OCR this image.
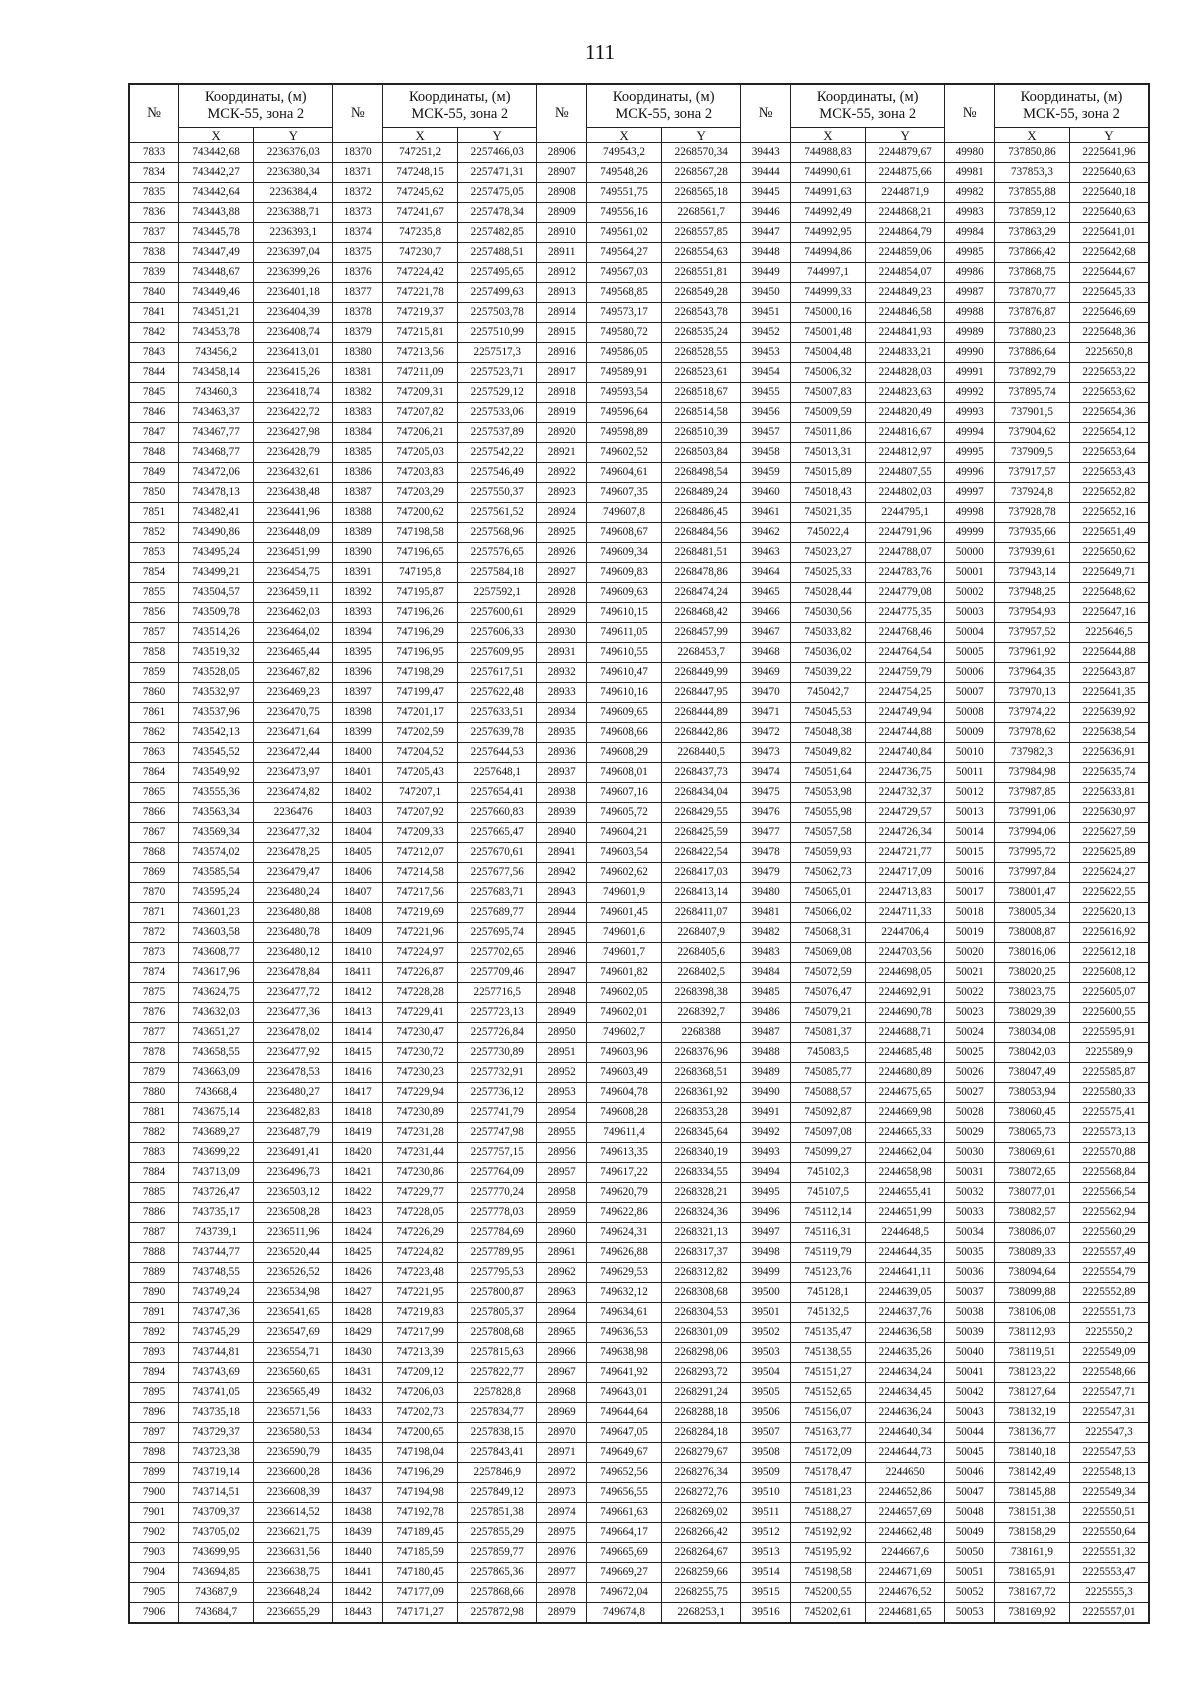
111
№	Координаты, (м)
МСК-55, зона 2		№	Координаты, (м)
МСК-55, зона 2		№	Координаты, (м)
МСК-55, зона 2		№	Координаты, (м)
МСК-55, зона 2		№	Координаты, (м)
МСК-55, зона 2	

	X	Y		X	Y		X	Y		X	Y		X	Y
7833	743442,68	2236376,03	18370	747251,2	2257466,03	28906	749543,2	2268570,34	39443	744988,83	2244879,67	49980	737850,86	2225641,96
7834	743442,27	2236380,34	18371	747248,15	2257471,31	28907	749548,26	2268567,28	39444	744990,61	2244875,66	49981	737853,3	2225640,63
7835	743442,64	2236384,4	18372	747245,62	2257475,05	28908	749551,75	2268565,18	39445	744991,63	2244871,9	49982	737855,88	2225640,18
7836	743443,88	2236388,71	18373	747241,67	2257478,34	28909	749556,16	2268561,7	39446	744992,49	2244868,21	49983	737859,12	2225640,63
7837	743445,78	2236393,1	18374	747235,8	2257482,85	28910	749561,02	2268557,85	39447	744992,95	2244864,79	49984	737863,29	2225641,01
7838	743447,49	2236397,04	18375	747230,7	2257488,51	28911	749564,27	2268554,63	39448	744994,86	2244859,06	49985	737866,42	2225642,68
7839	743448,67	2236399,26	18376	747224,42	2257495,65	28912	749567,03	2268551,81	39449	744997,1	2244854,07	49986	737868,75	2225644,67
7840	743449,46	2236401,18	18377	747221,78	2257499,63	28913	749568,85	2268549,28	39450	744999,33	2244849,23	49987	737870,77	2225645,33
7841	743451,21	2236404,39	18378	747219,37	2257503,78	28914	749573,17	2268543,78	39451	745000,16	2244846,58	49988	737876,87	2225646,69
7842	743453,78	2236408,74	18379	747215,81	2257510,99	28915	749580,72	2268535,24	39452	745001,48	2244841,93	49989	737880,23	2225648,36
7843	743456,2	2236413,01	18380	747213,56	2257517,3	28916	749586,05	2268528,55	39453	745004,48	2244833,21	49990	737886,64	2225650,8
7844	743458,14	2236415,26	18381	747211,09	2257523,71	28917	749589,91	2268523,61	39454	745006,32	2244828,03	49991	737892,79	2225653,22
7845	743460,3	2236418,74	18382	747209,31	2257529,12	28918	749593,54	2268518,67	39455	745007,83	2244823,63	49992	737895,74	2225653,62
7846	743463,37	2236422,72	18383	747207,82	2257533,06	28919	749596,64	2268514,58	39456	745009,59	2244820,49	49993	737901,5	2225654,36
7847	743467,77	2236427,98	18384	747206,21	2257537,89	28920	749598,89	2268510,39	39457	745011,86	2244816,67	49994	737904,62	2225654,12
7848	743468,77	2236428,79	18385	747205,03	2257542,22	28921	749602,52	2268503,84	39458	745013,31	2244812,97	49995	737909,5	2225653,64
7849	743472,06	2236432,61	18386	747203,83	2257546,49	28922	749604,61	2268498,54	39459	745015,89	2244807,55	49996	737917,57	2225653,43
7850	743478,13	2236438,48	18387	747203,29	2257550,37	28923	749607,35	2268489,24	39460	745018,43	2244802,03	49997	737924,8	2225652,82
7851	743482,41	2236441,96	18388	747200,62	2257561,52	28924	749607,8	2268486,45	39461	745021,35	2244795,1	49998	737928,78	2225652,16
7852	743490,86	2236448,09	18389	747198,58	2257568,96	28925	749608,67	2268484,56	39462	745022,4	2244791,96	49999	737935,66	2225651,49
7853	743495,24	2236451,99	18390	747196,65	2257576,65	28926	749609,34	2268481,51	39463	745023,27	2244788,07	50000	737939,61	2225650,62
7854	743499,21	2236454,75	18391	747195,8	2257584,18	28927	749609,83	2268478,86	39464	745025,33	2244783,76	50001	737943,14	2225649,71
7855	743504,57	2236459,11	18392	747195,87	2257592,1	28928	749609,63	2268474,24	39465	745028,44	2244779,08	50002	737948,25	2225648,62
7856	743509,78	2236462,03	18393	747196,26	2257600,61	28929	749610,15	2268468,42	39466	745030,56	2244775,35	50003	737954,93	2225647,16
7857	743514,26	2236464,02	18394	747196,29	2257606,33	28930	749611,05	2268457,99	39467	745033,82	2244768,46	50004	737957,52	2225646,5
7858	743519,32	2236465,44	18395	747196,95	2257609,95	28931	749610,55	2268453,7	39468	745036,02	2244764,54	50005	737961,92	2225644,88
7859	743528,05	2236467,82	18396	747198,29	2257617,51	28932	749610,47	2268449,99	39469	745039,22	2244759,79	50006	737964,35	2225643,87
7860	743532,97	2236469,23	18397	747199,47	2257622,48	28933	749610,16	2268447,95	39470	745042,7	2244754,25	50007	737970,13	2225641,35
7861	743537,96	2236470,75	18398	747201,17	2257633,51	28934	749609,65	2268444,89	39471	745045,53	2244749,94	50008	737974,22	2225639,92
7862	743542,13	2236471,64	18399	747202,59	2257639,78	28935	749608,66	2268442,86	39472	745048,38	2244744,88	50009	737978,62	2225638,54
7863	743545,52	2236472,44	18400	747204,52	2257644,53	28936	749608,29	2268440,5	39473	745049,82	2244740,84	50010	737982,3	2225636,91
7864	743549,92	2236473,97	18401	747205,43	2257648,1	28937	749608,01	2268437,73	39474	745051,64	2244736,75	50011	737984,98	2225635,74
7865	743555,36	2236474,82	18402	747207,1	2257654,41	28938	749607,16	2268434,04	39475	745053,98	2244732,37	50012	737987,85	2225633,81
7866	743563,34	2236476	18403	747207,92	2257660,83	28939	749605,72	2268429,55	39476	745055,98	2244729,57	50013	737991,06	2225630,97
7867	743569,34	2236477,32	18404	747209,33	2257665,47	28940	749604,21	2268425,59	39477	745057,58	2244726,34	50014	737994,06	2225627,59
7868	743574,02	2236478,25	18405	747212,07	2257670,61	28941	749603,54	2268422,54	39478	745059,93	2244721,77	50015	737995,72	2225625,89
7869	743585,54	2236479,47	18406	747214,58	2257677,56	28942	749602,62	2268417,03	39479	745062,73	2244717,09	50016	737997,84	2225624,27
7870	743595,24	2236480,24	18407	747217,56	2257683,71	28943	749601,9	2268413,14	39480	745065,01	2244713,83	50017	738001,47	2225622,55
7871	743601,23	2236480,88	18408	747219,69	2257689,77	28944	749601,45	2268411,07	39481	745066,02	2244711,33	50018	738005,34	2225620,13
7872	743603,58	2236480,78	18409	747221,96	2257695,74	28945	749601,6	2268407,9	39482	745068,31	2244706,4	50019	738008,87	2225616,92
7873	743608,77	2236480,12	18410	747224,97	2257702,65	28946	749601,7	2268405,6	39483	745069,08	2244703,56	50020	738016,06	2225612,18
7874	743617,96	2236478,84	18411	747226,87	2257709,46	28947	749601,82	2268402,5	39484	745072,59	2244698,05	50021	738020,25	2225608,12
7875	743624,75	2236477,72	18412	747228,28	2257716,5	28948	749602,05	2268398,38	39485	745076,47	2244692,91	50022	738023,75	2225605,07
7876	743632,03	2236477,36	18413	747229,41	2257723,13	28949	749602,01	2268392,7	39486	745079,21	2244690,78	50023	738029,39	2225600,55
7877	743651,27	2236478,02	18414	747230,47	2257726,84	28950	749602,7	2268388	39487	745081,37	2244688,71	50024	738034,08	2225595,91
7878	743658,55	2236477,92	18415	747230,72	2257730,89	28951	749603,96	2268376,96	39488	745083,5	2244685,48	50025	738042,03	2225589,9
7879	743663,09	2236478,53	18416	747230,23	2257732,91	28952	749603,49	2268368,51	39489	745085,77	2244680,89	50026	738047,49	2225585,87
7880	743668,4	2236480,27	18417	747229,94	2257736,12	28953	749604,78	2268361,92	39490	745088,57	2244675,65	50027	738053,94	2225580,33
7881	743675,14	2236482,83	18418	747230,89	2257741,79	28954	749608,28	2268353,28	39491	745092,87	2244669,98	50028	738060,45	2225575,41
7882	743689,27	2236487,79	18419	747231,28	2257747,98	28955	749611,4	2268345,64	39492	745097,08	2244665,33	50029	738065,73	2225573,13
7883	743699,22	2236491,41	18420	747231,44	2257757,15	28956	749613,35	2268340,19	39493	745099,27	2244662,04	50030	738069,61	2225570,88
7884	743713,09	2236496,73	18421	747230,86	2257764,09	28957	749617,22	2268334,55	39494	745102,3	2244658,98	50031	738072,65	2225568,84
7885	743726,47	2236503,12	18422	747229,77	2257770,24	28958	749620,79	2268328,21	39495	745107,5	2244655,41	50032	738077,01	2225566,54
7886	743735,17	2236508,28	18423	747228,05	2257778,03	28959	749622,86	2268324,36	39496	745112,14	2244651,99	50033	738082,57	2225562,94
7887	743739,1	2236511,96	18424	747226,29	2257784,69	28960	749624,31	2268321,13	39497	745116,31	2244648,5	50034	738086,07	2225560,29
7888	743744,77	2236520,44	18425	747224,82	2257789,95	28961	749626,88	2268317,37	39498	745119,79	2244644,35	50035	738089,33	2225557,49
7889	743748,55	2236526,52	18426	747223,48	2257795,53	28962	749629,53	2268312,82	39499	745123,76	2244641,11	50036	738094,64	2225554,79
7890	743749,24	2236534,98	18427	747221,95	2257800,87	28963	749632,12	2268308,68	39500	745128,1	2244639,05	50037	738099,88	2225552,89
7891	743747,36	2236541,65	18428	747219,83	2257805,37	28964	749634,61	2268304,53	39501	745132,5	2244637,76	50038	738106,08	2225551,73
7892	743745,29	2236547,69	18429	747217,99	2257808,68	28965	749636,53	2268301,09	39502	745135,47	2244636,58	50039	738112,93	2225550,2
7893	743744,81	2236554,71	18430	747213,39	2257815,63	28966	749638,98	2268298,06	39503	745138,55	2244635,26	50040	738119,51	2225549,09
7894	743743,69	2236560,65	18431	747209,12	2257822,77	28967	749641,92	2268293,72	39504	745151,27	2244634,24	50041	738123,22	2225548,66
7895	743741,05	2236565,49	18432	747206,03	2257828,8	28968	749643,01	2268291,24	39505	745152,65	2244634,45	50042	738127,64	2225547,71
7896	743735,18	2236571,56	18433	747202,73	2257834,77	28969	749644,64	2268288,18	39506	745156,07	2244636,24	50043	738132,19	2225547,31
7897	743729,37	2236580,53	18434	747200,65	2257838,15	28970	749647,05	2268284,18	39507	745163,77	2244640,34	50044	738136,77	2225547,3
7898	743723,38	2236590,79	18435	747198,04	2257843,41	28971	749649,67	2268279,67	39508	745172,09	2244644,73	50045	738140,18	2225547,53
7899	743719,14	2236600,28	18436	747196,29	2257846,9	28972	749652,56	2268276,34	39509	745178,47	2244650	50046	738142,49	2225548,13
7900	743714,51	2236608,39	18437	747194,98	2257849,12	28973	749656,55	2268272,76	39510	745181,23	2244652,86	50047	738145,88	2225549,34
7901	743709,37	2236614,52	18438	747192,78	2257851,38	28974	749661,63	2268269,02	39511	745188,27	2244657,69	50048	738151,38	2225550,51
7902	743705,02	2236621,75	18439	747189,45	2257855,29	28975	749664,17	2268266,42	39512	745192,92	2244662,48	50049	738158,29	2225550,64
7903	743699,95	2236631,56	18440	747185,59	2257859,77	28976	749665,69	2268264,67	39513	745195,92	2244667,6	50050	738161,9	2225551,32
7904	743694,85	2236638,75	18441	747180,45	2257865,36	28977	749669,27	2268259,66	39514	745198,58	2244671,69	50051	738165,91	2225553,47
7905	743687,9	2236648,24	18442	747177,09	2257868,66	28978	749672,04	2268255,75	39515	745200,55	2244676,52	50052	738167,72	2225555,3
7906	743684,7	2236655,29	18443	747171,27	2257872,98	28979	749674,8	2268253,1	39516	745202,61	2244681,65	50053	738169,92	2225557,01
